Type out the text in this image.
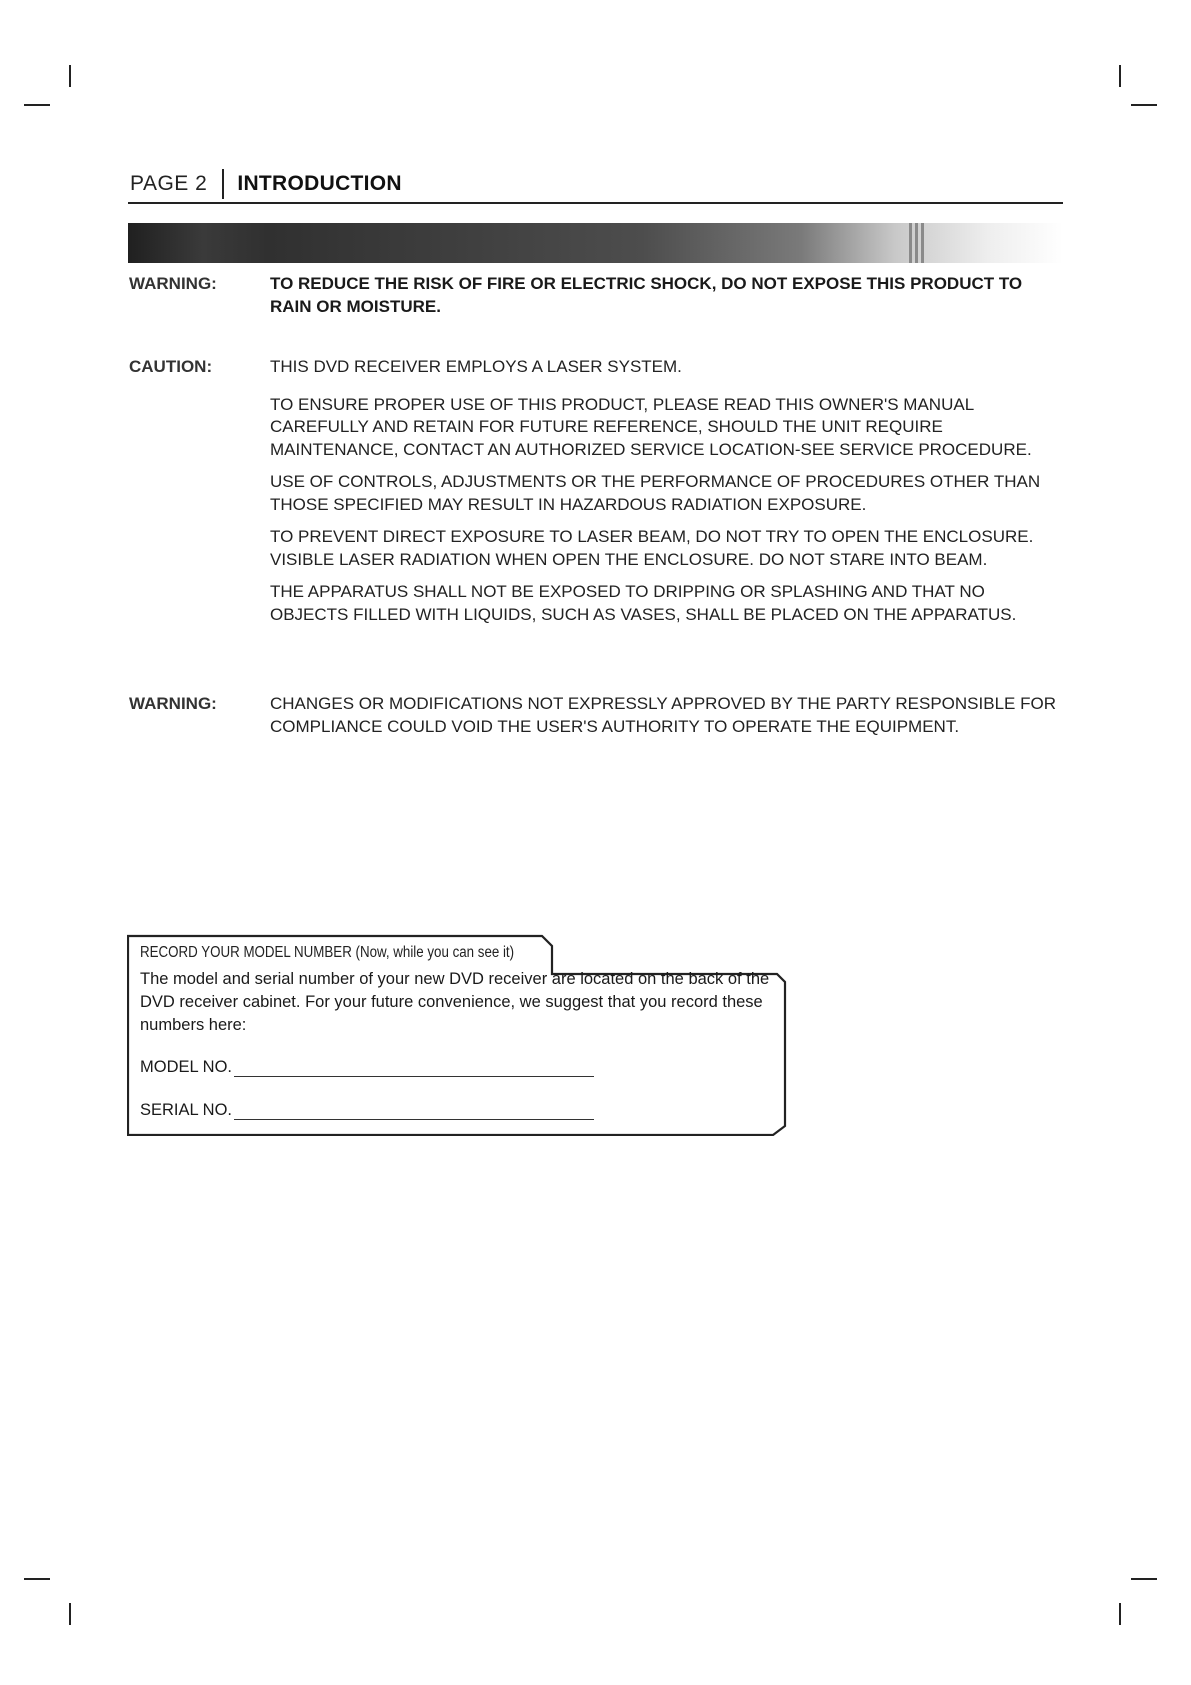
PAGE 2 INTRODUCTION
WARNING:	TO REDUCE THE RISK OF FIRE OR ELECTRIC SHOCK, DO NOT EXPOSE THIS PRODUCT TO RAIN OR MOISTURE.
CAUTION:	THIS DVD RECEIVER EMPLOYS A LASER SYSTEM.

TO ENSURE PROPER USE OF THIS PRODUCT, PLEASE READ THIS OWNER'S MANUAL CAREFULLY AND RETAIN FOR FUTURE REFERENCE, SHOULD THE UNIT REQUIRE MAINTENANCE, CONTACT AN AUTHORIZED SERVICE LOCATION-SEE SERVICE PROCEDURE.

USE OF CONTROLS, ADJUSTMENTS OR THE PERFORMANCE OF PROCEDURES OTHER THAN THOSE SPECIFIED MAY RESULT IN HAZARDOUS RADIATION EXPOSURE.

TO PREVENT DIRECT EXPOSURE TO LASER BEAM, DO NOT TRY TO OPEN THE ENCLOSURE. VISIBLE LASER RADIATION WHEN OPEN THE ENCLOSURE. DO NOT STARE INTO BEAM.

THE APPARATUS SHALL NOT BE EXPOSED TO DRIPPING OR SPLASHING AND THAT NO OBJECTS FILLED WITH LIQUIDS, SUCH AS VASES, SHALL BE PLACED ON THE APPARATUS.

WARNING:	CHANGES OR MODIFICATIONS NOT EXPRESSLY APPROVED BY THE PARTY RESPONSIBLE FOR COMPLIANCE COULD VOID THE USER'S AUTHORITY TO OPERATE THE EQUIPMENT.
RECORD YOUR MODEL NUMBER (Now, while you can see it)
The model and serial number of your new DVD receiver are located on the back of the DVD receiver cabinet. For your future convenience, we suggest that you record these numbers here:
MODEL NO.
SERIAL NO.
